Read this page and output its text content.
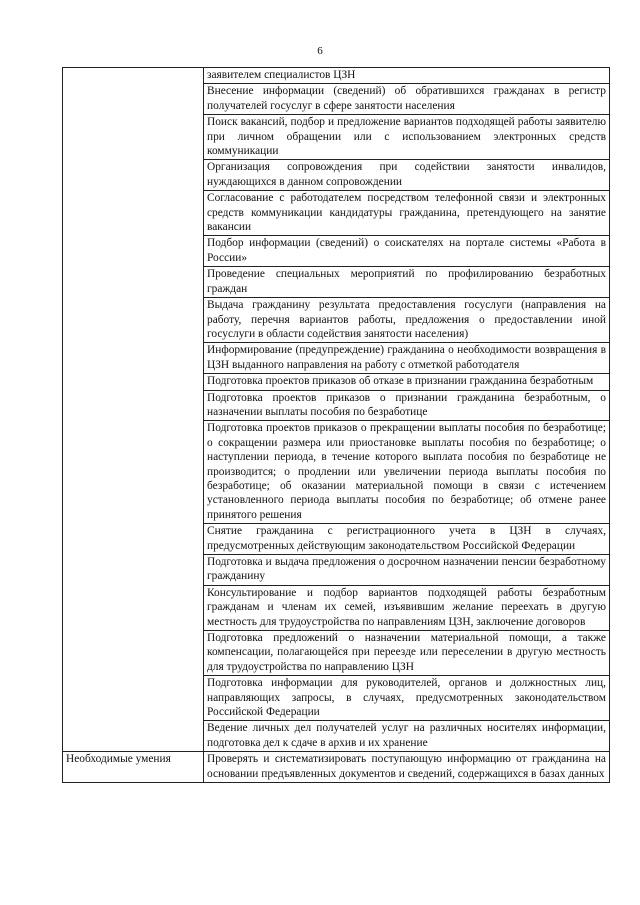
6
	заявителем специалистов ЦЗН
	Внесение информации (сведений) об обратившихся гражданах в регистр получателей госуслуг в сфере занятости населения
	Поиск вакансий, подбор и предложение вариантов подходящей работы заявителю при личном обращении или с использованием электронных средств коммуникации
	Организация сопровождения при содействии занятости инвалидов, нуждающихся в данном сопровождении
	Согласование с работодателем посредством телефонной связи и электронных средств коммуникации кандидатуры гражданина, претендующего на занятие вакансии
	Подбор информации (сведений) о соискателях на портале системы «Работа в России»
	Проведение специальных мероприятий по профилированию безработных граждан
	Выдача гражданину результата предоставления госуслуги (направления на работу, перечня вариантов работы, предложения о предоставлении иной госуслуги в области содействия занятости населения)
	Информирование (предупреждение) гражданина о необходимости возвращения в ЦЗН выданного направления на работу с отметкой работодателя
	Подготовка проектов приказов об отказе в признании гражданина безработным
	Подготовка проектов приказов о признании гражданина безработным, о назначении выплаты пособия по безработице
	Подготовка проектов приказов о прекращении выплаты пособия по безработице; о сокращении размера или приостановке выплаты пособия по безработице; о наступлении периода, в течение которого выплата пособия по безработице не производится; о продлении или увеличении периода выплаты пособия по безработице; об оказании материальной помощи в связи с истечением установленного периода выплаты пособия по безработице; об отмене ранее принятого решения
	Снятие гражданина с регистрационного учета в ЦЗН в случаях, предусмотренных действующим законодательством Российской Федерации
	Подготовка и выдача предложения о досрочном назначении пенсии безработному гражданину
	Консультирование и подбор вариантов подходящей работы безработным гражданам и членам их семей, изъявившим желание переехать в другую местность для трудоустройства по направлениям ЦЗН, заключение договоров
	Подготовка предложений о назначении материальной помощи, а также компенсации, полагающейся при переезде или переселении в другую местность для трудоустройства по направлению ЦЗН
	Подготовка информации для руководителей, органов и должностных лиц, направляющих запросы, в случаях, предусмотренных законодательством Российской Федерации
	Ведение личных дел получателей услуг на различных носителях информации, подготовка дел к сдаче в архив и их хранение
Необходимые умения	Проверять и систематизировать поступающую информацию от гражданина на основании предъявленных документов и сведений, содержащихся в базах данных
